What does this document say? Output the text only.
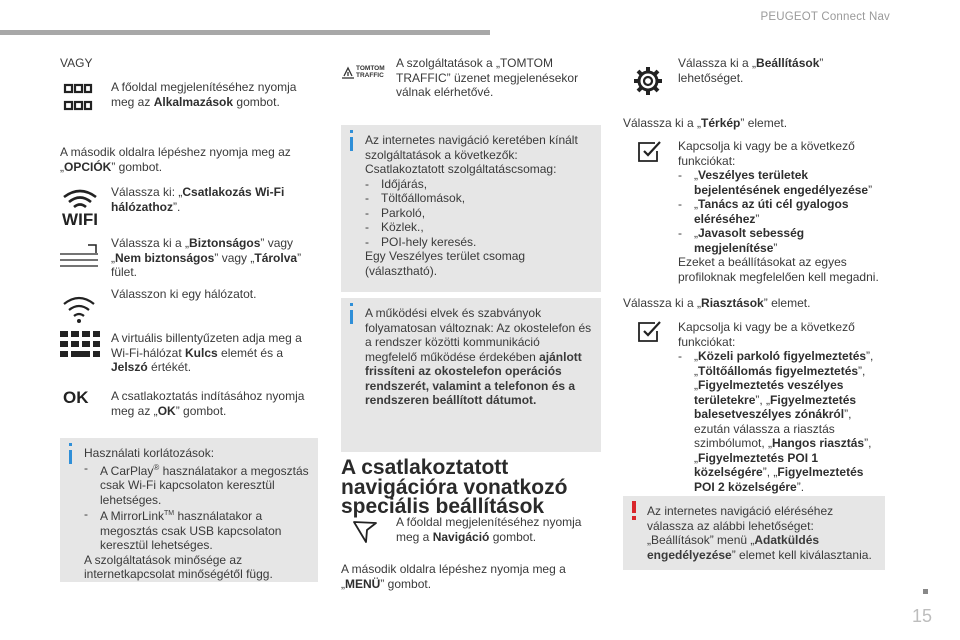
PEUGEOT Connect Nav
VAGY
A főoldal megjelenítéséhez nyomja meg az Alkalmazások gombot.
A második oldalra lépéshez nyomja meg az „OPCIÓK” gombot.
WIFI
Válassza ki: „Csatlakozás Wi-Fi hálózathoz”.
Válassza ki a „Biztonságos” vagy „Nem biztonságos” vagy „Tárolva” fület.
Válasszon ki egy hálózatot.
A virtuális billentyűzeten adja meg a Wi-Fi-hálózat Kulcs elemét és a Jelszó értékét.
OK	A csatlakoztatás indításához nyomja meg az „OK” gombot.
Használati korlátozások:
- A CarPlay® használatakor a megosztás csak Wi-Fi kapcsolaton keresztül lehetséges.
- A MirrorLink™ használatakor a megosztás csak USB kapcsolaton keresztül lehetséges.
A szolgáltatások minősége az internetkapcsolat minőségétől függ.
TOMTOM TRAFFIC
A szolgáltatások a „TOMTOM TRAFFIC” üzenet megjelenésekor válnak elérhetővé.
Az internetes navigáció keretében kínált szolgáltatások a következők:
Csatlakoztatott szolgáltatáscsomag:
- Időjárás,
- Töltőállomások,
- Parkoló,
- Közlek.,
- POI-hely keresés.
Egy Veszélyes terület csomag (választható).
A működési elvek és szabványok folyamatosan változnak: Az okostelefon és a rendszer közötti kommunikáció megfelelő működése érdekében ajánlott frissíteni az okostelefon operációs rendszerét, valamint a telefonon és a rendszeren beállított dátumot.
A csatlakoztatott navigációra vonatkozó speciális beállítások
A főoldal megjelenítéséhez nyomja meg a Navigáció gombot.
A második oldalra lépéshez nyomja meg a „MENÜ” gombot.
Válassza ki a „Beállítások” lehetőséget.
Válassza ki a „Térkép” elemet.
Kapcsolja ki vagy be a következő funkciókat:
- „Veszélyes területek bejelentésének engedélyezése”
- „Tanács az úti cél gyalogos eléréséhez”
- „Javasolt sebesség megjelenítése”
Ezeket a beállításokat az egyes profiloknak megfelelően kell megadni.
Válassza ki a „Riasztások” elemet.
Kapcsolja ki vagy be a következő funkciókat:
- „Közeli parkoló figyelmeztetés”, „Töltőállomás figyelmeztetés”, „Figyelmeztetés veszélyes területekre”, „Figyelmeztetés balesetveszélyes zónákról”, ezután válassza a riasztás szimbólumot, „Hangos riasztás”, „Figyelmeztetés POI 1 közelségére”, „Figyelmeztetés POI 2 közelségére”.
Az internetes navigáció eléréséhez válassza az alábbi lehetőséget: „Beállítások” menü „Adatküldés engedélyezése” elemet kell kiválasztania.
15
